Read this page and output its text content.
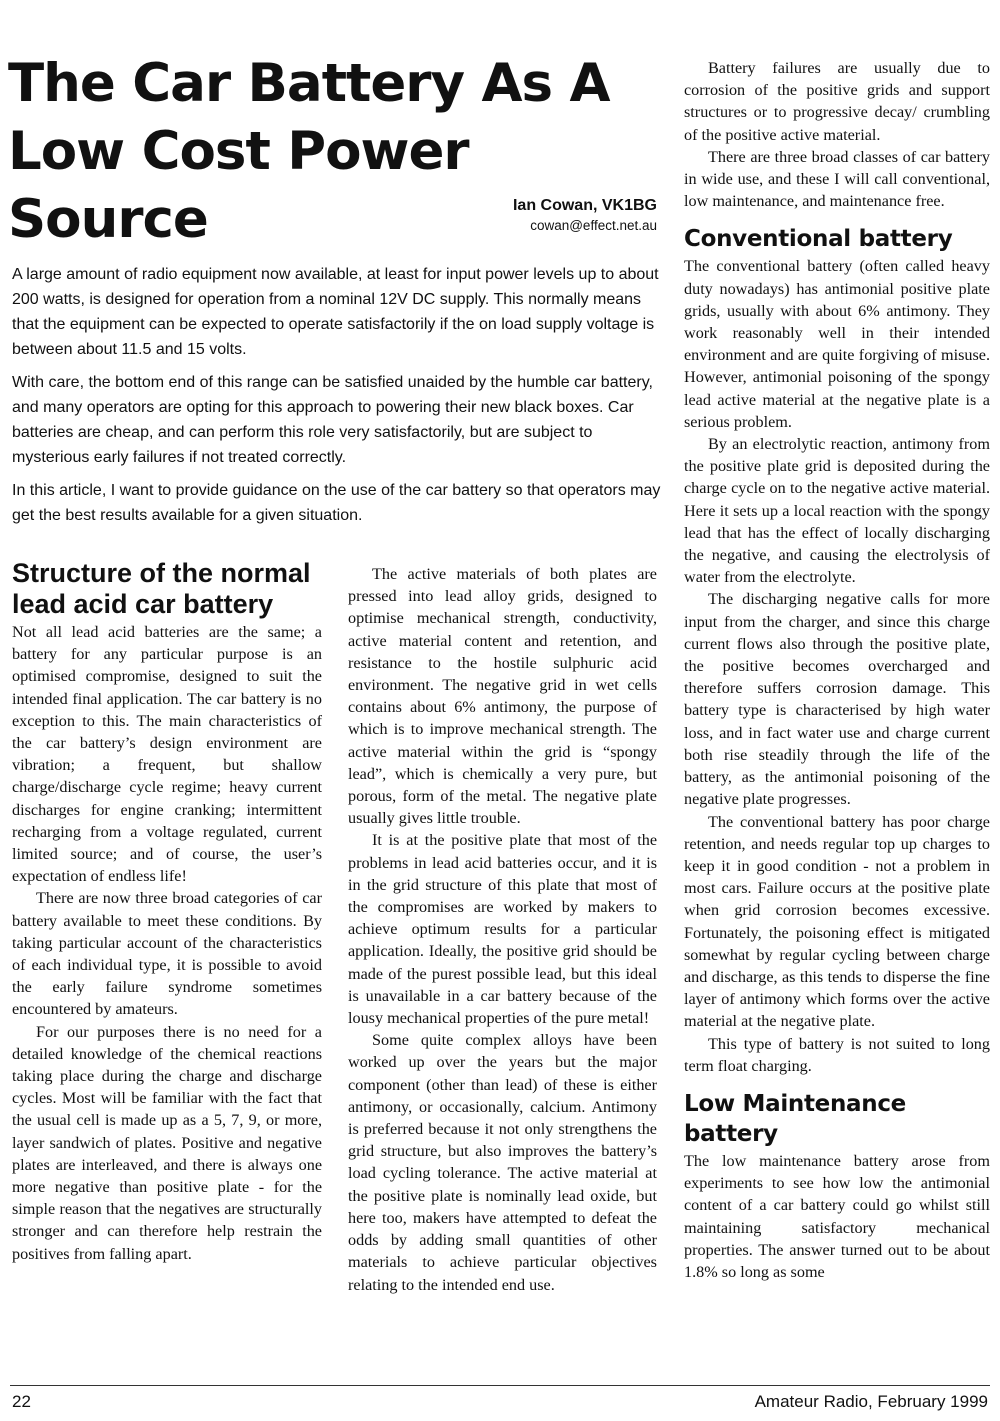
The Car Battery As A
Low Cost Power Source	Ian Cowan, VK1BG
cowan@effect.net.au

A large amount of radio equipment now available, at least for input power levels up to about 200 watts, is designed for operation from a nominal 12V DC supply. This normally means that the equipment can be expected to operate satisfactorily if the on load supply voltage is between about 11.5 and 15 volts.

With care, the bottom end of this range can be satisfied unaided by the humble car battery, and many operators are opting for this approach to powering their new black boxes. Car batteries are cheap, and can perform this role very satisfactorily, but are subject to mysterious early failures if not treated correctly.

In this article, I want to provide guidance on the use of the car battery so that operators may get the best results available for a given situation.

Structure of the normal lead acid car battery

Not all lead acid batteries are the same; a battery for any particular purpose is an optimised compromise, designed to suit the intended final application. The car battery is no exception to this. The main characteristics of the car battery’s design environment are vibration; a frequent, but shallow charge/discharge cycle regime; heavy current discharges for engine cranking; intermittent recharging from a voltage regulated, current limited source; and of course, the user’s expectation of endless life!

There are now three broad categories of car battery available to meet these conditions. By taking particular account of the characteristics of each individual type, it is possible to avoid the early failure syndrome sometimes encountered by amateurs.

For our purposes there is no need for a detailed knowledge of the chemical reactions taking place during the charge and discharge cycles. Most will be familiar with the fact that the usual cell is made up as a 5, 7, 9, or more, layer sandwich of plates. Positive and negative plates are interleaved, and there is always one more negative than positive plate - for the simple reason that the negatives are structurally stronger and can therefore help restrain the positives from falling apart.

The active materials of both plates are pressed into lead alloy grids, designed to optimise mechanical strength, conductivity, active material content and retention, and resistance to the hostile sulphuric acid environment. The negative grid in wet cells contains about 6% antimony, the purpose of which is to improve mechanical strength. The active material within the grid is “spongy lead”, which is chemically a very pure, but porous, form of the metal. The negative plate usually gives little trouble.

It is at the positive plate that most of the problems in lead acid batteries occur, and it is in the grid structure of this plate that most of the compromises are worked by makers to achieve optimum results for a particular application. Ideally, the positive grid should be made of the purest possible lead, but this ideal is unavailable in a car battery because of the lousy mechanical properties of the pure metal!

Some quite complex alloys have been worked up over the years but the major component (other than lead) of these is either antimony, or occasionally, calcium. Antimony is preferred because it not only strengthens the grid structure, but also improves the battery’s load cycling tolerance. The active material at the positive plate is nominally lead oxide, but here too, makers have attempted to defeat the odds by adding small quantities of other materials to achieve particular objectives relating to the intended end use.

Battery failures are usually due to corrosion of the positive grids and support structures or to progressive decay/ crumbling of the positive active material.

There are three broad classes of car battery in wide use, and these I will call conventional, low maintenance, and maintenance free.

Conventional battery

The conventional battery (often called heavy duty nowadays) has antimonial positive plate grids, usually with about 6% antimony. They work reasonably well in their intended environment and are quite forgiving of misuse. However, antimonial poisoning of the spongy lead active material at the negative plate is a serious problem.

By an electrolytic reaction, antimony from the positive plate grid is deposited during the charge cycle on to the negative active material. Here it sets up a local reaction with the spongy lead that has the effect of locally discharging the negative, and causing the electrolysis of water from the electrolyte.

The discharging negative calls for more input from the charger, and since this charge current flows also through the positive plate, the positive becomes overcharged and therefore suffers corrosion damage. This battery type is characterised by high water loss, and in fact water use and charge current both rise steadily through the life of the battery, as the antimonial poisoning of the negative plate progresses.

The conventional battery has poor charge retention, and needs regular top up charges to keep it in good condition - not a problem in most cars. Failure occurs at the positive plate when grid corrosion becomes excessive. Fortunately, the poisoning effect is mitigated somewhat by regular cycling between charge and discharge, as this tends to disperse the fine layer of antimony which forms over the active material at the negative plate.

This type of battery is not suited to long term float charging.

Low Maintenance battery

The low maintenance battery arose from experiments to see how low the antimonial content of a car battery could go whilst still maintaining satisfactory mechanical properties. The answer turned out to be about 1.8% so long as some

22	Amateur Radio, February 1999
